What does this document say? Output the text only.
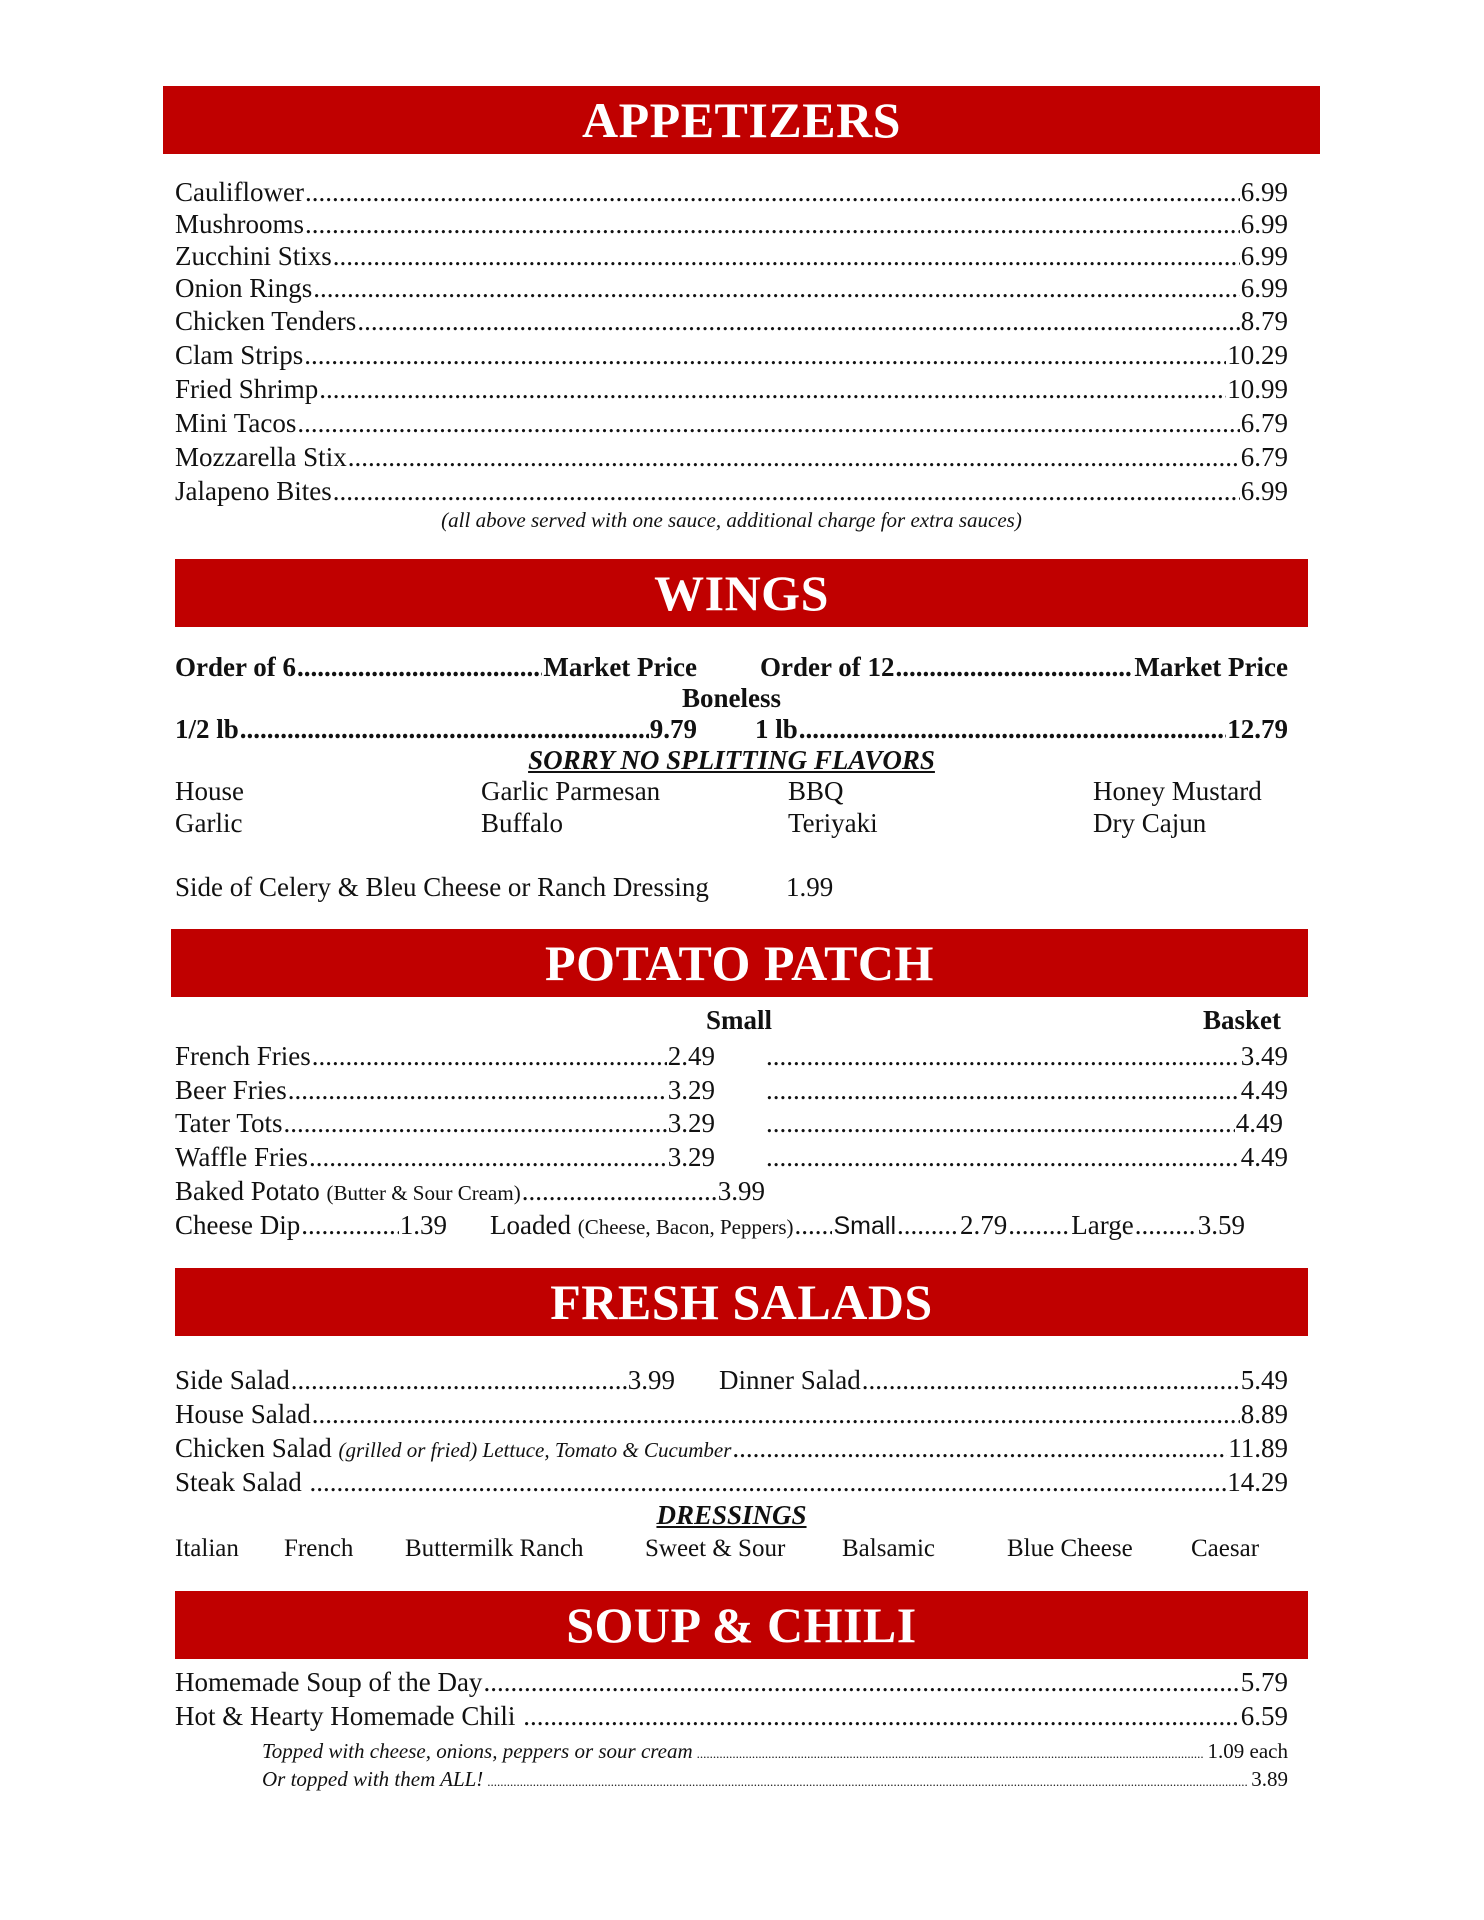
APPETIZERS
Cauliflower .....	6.99
Mushrooms .....	6.99
Zucchini Stixs .....	6.99
Onion Rings .....	6.99
Chicken Tenders .....	8.79
Clam Strips .....	10.29
Fried Shrimp .....	10.99
Mini Tacos .....	6.79
Mozzarella Stix .....	6.79
Jalapeno Bites .....	6.99
(all above served with one sauce, additional charge for extra sauces)
WINGS
Order of 6 .....	Market Price Order of 12 .....	Market Price
Boneless
1/2 lb .....	9.79 1 lb .....	12.79
SORRY NO SPLITTING FLAVORS
House	Garlic Parmesan	BBQ	Honey Mustard
Garlic	Buffalo	Teriyaki	Dry Cajun
Side of Celery & Bleu Cheese or Ranch Dressing	1.99
POTATO PATCH
Small	Basket
French Fries .....	2.49 .....	3.49
Beer Fries .....	3.29 .....	4.49
Tater Tots .....	3.29 .....	4.49
Waffle Fries .....	3.29 .....	4.49
Baked Potato
(Butter & Sour Cream) .....	3.99
Cheese Dip .....	1.39 Loaded
(Cheese, Bacon, Peppers) ..... Small ..... 2.79 ..... Large ..... 3.59
FRESH SALADS
Side Salad .....	3.99 Dinner Salad .....	5.49
House Salad .....	8.89
Chicken Salad
(grilled or fried) Lettuce, Tomato & Cucumber .....	11.89
Steak Salad
.....	14.29
DRESSINGS
Italian French Buttermilk Ranch Sweet & Sour Balsamic	Blue Cheese Caesar
SOUP & CHILI
Homemade Soup of the Day .....	5.79
Hot & Hearty Homemade Chili
.....	6.59
Topped with cheese, onions, peppers or sour cream .....	1.09 each
Or topped with them ALL! .....	3.89
